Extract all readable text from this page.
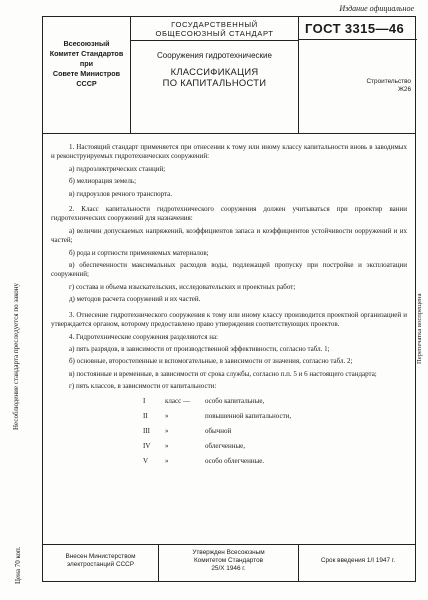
Издание официальное
Несоблюдение стандарта преследуется по закону
Цена 70 коп.
Перепечатка воспрещена
Всесоюзный
Комитет Стандартов
при
Совете Министров
СССР
ГОСУДАРСТВЕННЫЙ
ОБЩЕСОЮЗНЫЙ СТАНДАРТ
Сооружения гидротехнические
КЛАССИФИКАЦИЯ
ПО КАПИТАЛЬНОСТИ
ГОСТ 3315—46
Строительство
Ж26

1. Настоящий стандарт применяется при отнесении к тому или иному классу капитальности вновь в заводимых и реконструируемых гидротехнических сооружений:

а) гидроэлектрических станций;

б) мелиорация земель;

в) гидроузлов речного транспорта.

2. Класс капитальности гидротехнического сооружения должен учитываться при проектир вании гидротехнических сооружений для назначения:

а) величин допускаемых напряжений, коэффициентов запаса и коэффициентов устойчивости оорружений и их частей;

б) рода и сортности применяемых материалов;

в) обеспеченности максимальных расходов воды, подлежащей пропуску при постройке и эксплоатации сооружений;

г) состава и объема изыскательских, исследовательских и проектных работ;

д) методов расчета сооружений и их частей.

3. Отнесение гидротехнического сооружения к тому или иному классу производится проектной организацией и утверждается органом, которому предоставлено право утверждения соответствующих проектов.

4. Гидротехнические сооружения разделяются на:

а) пять разрядов, в зависимости от производственной эффективности, согласно табл. 1;

б) основные, второстепенные и вспомогательные, в зависимости от значения, согласно табл. 2;

в) постоянные и временные, в зависимости от срока службы, согласно п.п. 5 и 6 настоящего стандарта;

г) пять классов, в зависимости от капитальности:

I	класс —	особо капитальные,
II	»	повышенной капитальности,
III	»	обычной
IV	»	облегченные,
V	»	особо облегченные.
Внесен Министерством
электростанций СССР
Утвержден Всесоюзным
Комитетом Стандартов
25/X 1946 г.
Срок введения 1/I 1947 г.
